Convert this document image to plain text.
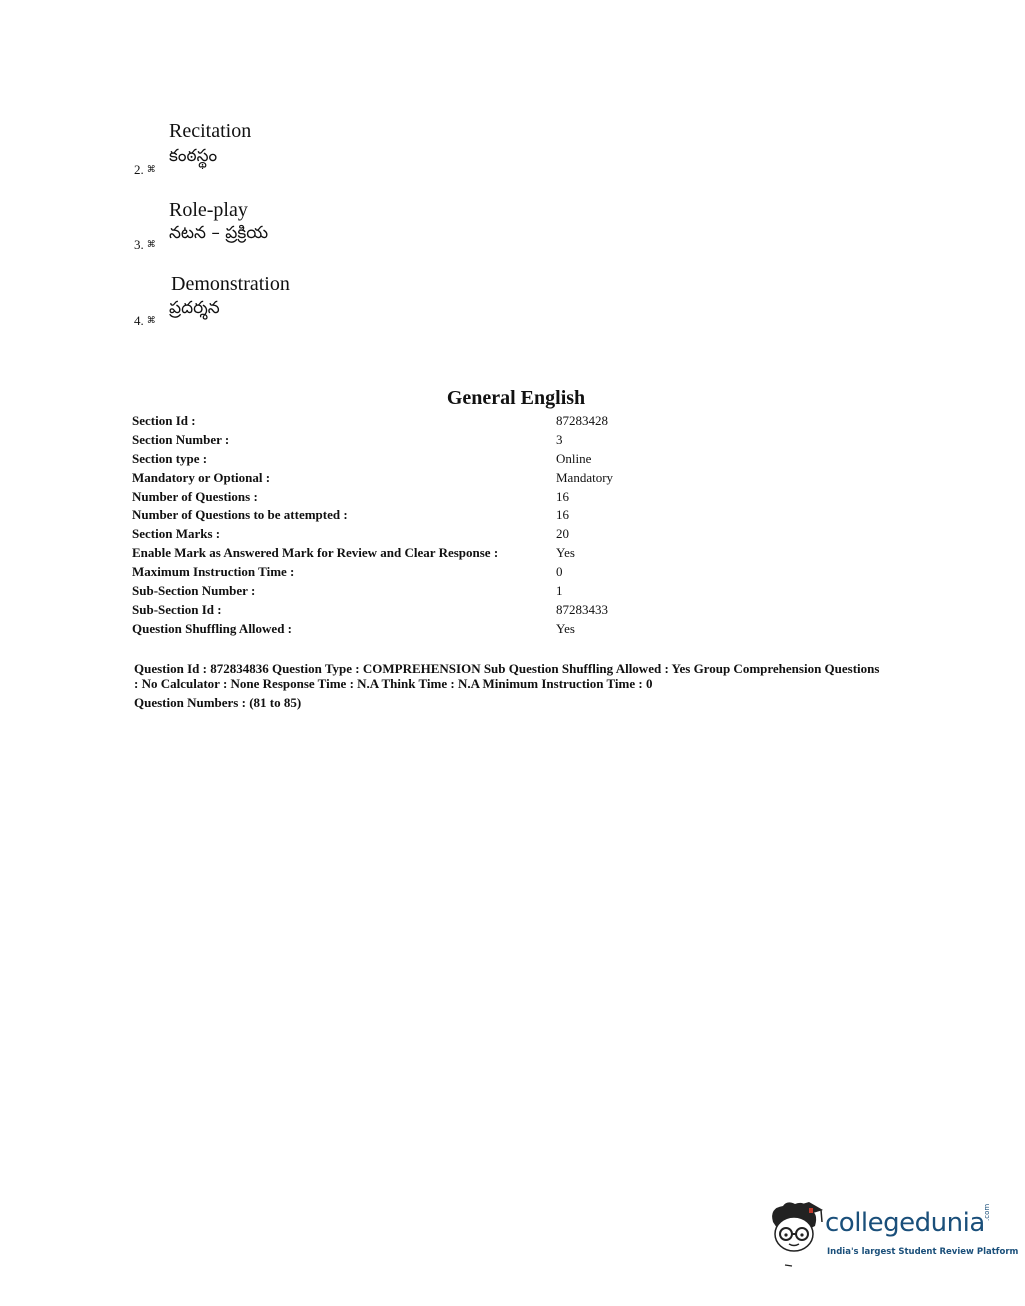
Recitation
కంఠస్థం
2. ⌘
Role-play
నటన – ప్రక్రియ
3. ⌘
Demonstration
ప్రదర్శన
4. ⌘
General English
Section Id :	87283428
Section Number :	3
Section type :	Online
Mandatory or Optional :	Mandatory
Number of Questions :	16
Number of Questions to be attempted :	16
Section Marks :	20
Enable Mark as Answered Mark for Review and Clear Response :	Yes
Maximum Instruction Time :	0
Sub-Section Number :	1
Sub-Section Id :	87283433
Question Shuffling Allowed :	Yes
Question Id : 872834836 Question Type : COMPREHENSION Sub Question Shuffling Allowed : Yes Group Comprehension Questions : No Calculator : None Response Time : N.A Think Time : N.A Minimum Instruction Time : 0
Question Numbers : (81 to 85)
collegedunia
.com
India's largest Student Review Platform
